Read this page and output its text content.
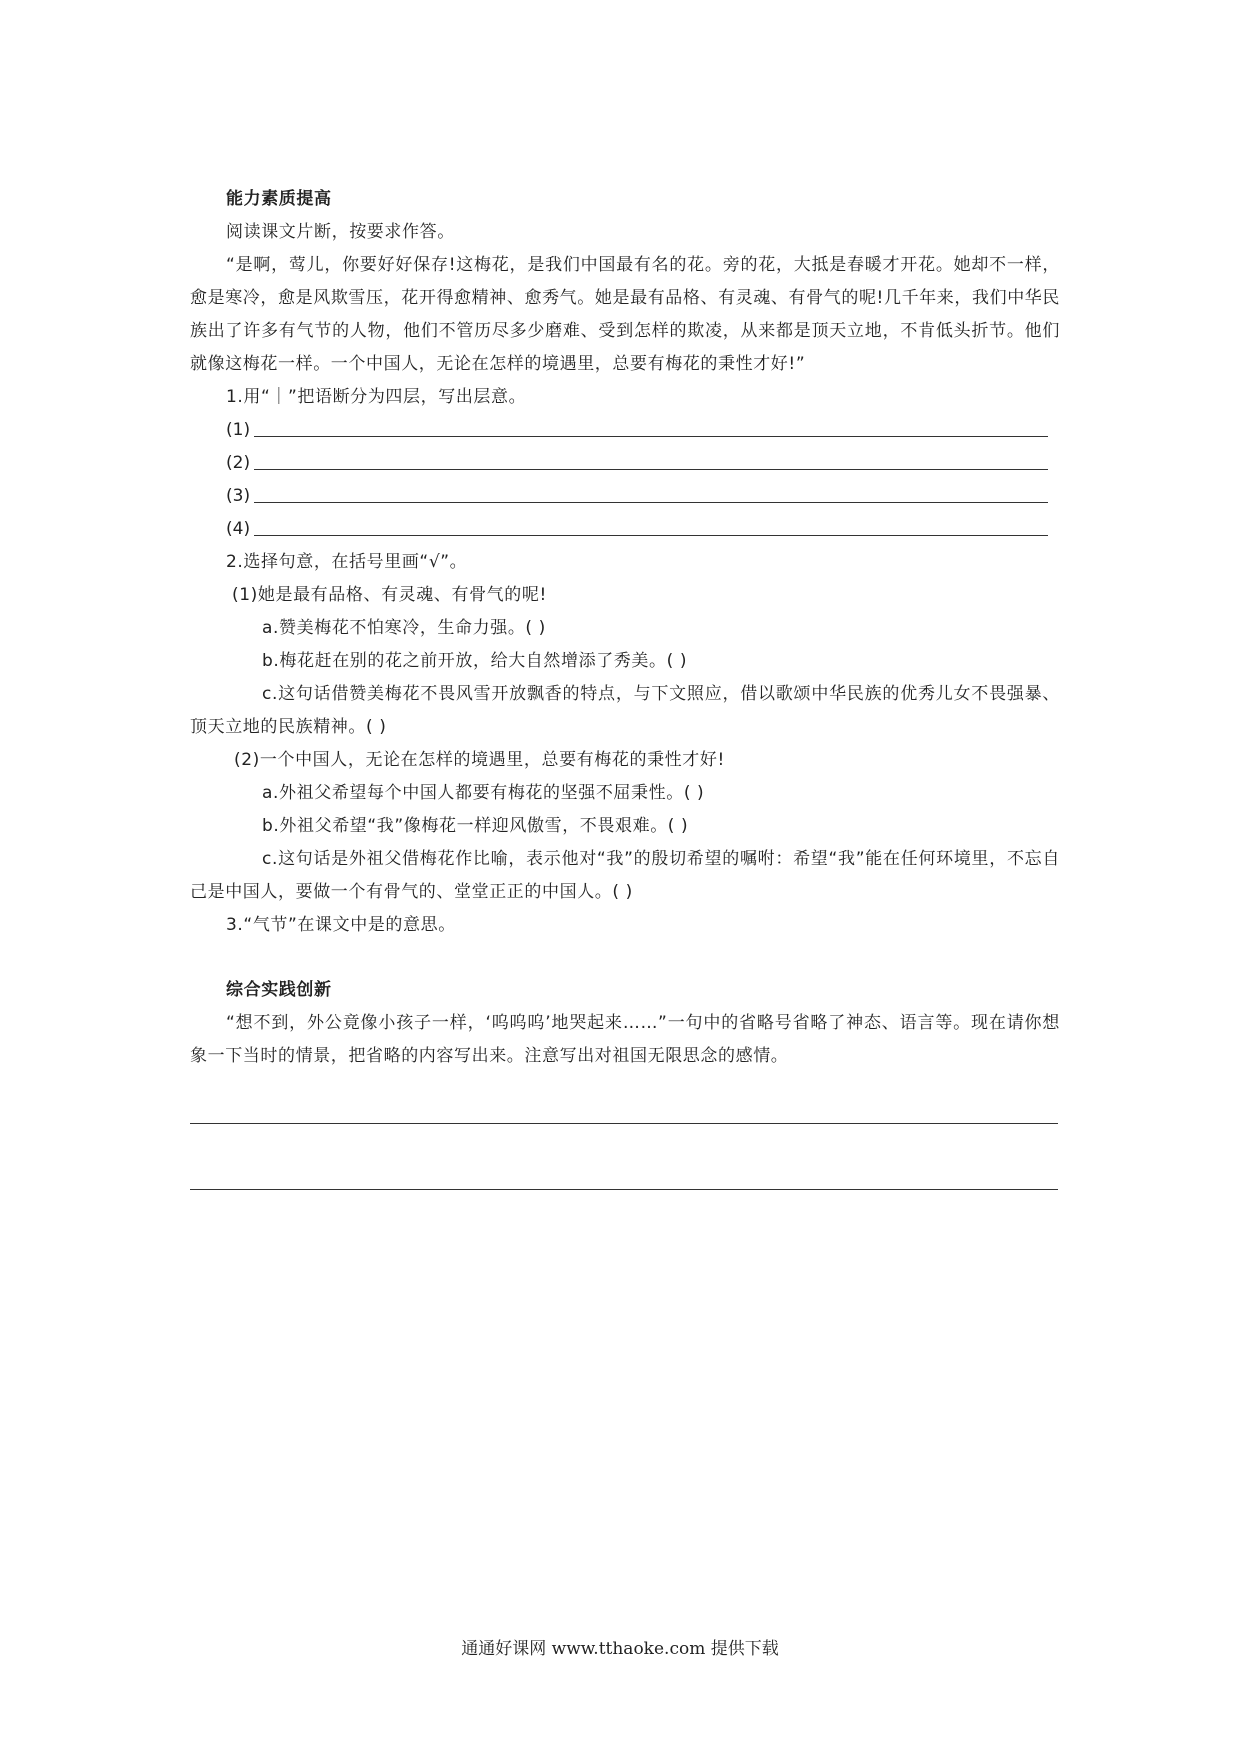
能力素质提高
阅读课文片断，按要求作答。
“是啊，莺儿，你要好好保存!这梅花，是我们中国最有名的花。旁的花，大抵是春暖才开花。她却不一样，愈是寒冷，愈是风欺雪压，花开得愈精神、愈秀气。她是最有品格、有灵魂、有骨气的呢!几千年来，我们中华民族出了许多有气节的人物，他们不管历尽多少磨难、受到怎样的欺凌，从来都是顶天立地，不肯低头折节。他们就像这梅花一样。一个中国人，无论在怎样的境遇里，总要有梅花的秉性才好!”
1.用“｜”把语断分为四层，写出层意。
(1)
(2)
(3)
(4)
2.选择句意，在括号里画“√”。
(1)她是最有品格、有灵魂、有骨气的呢!
a.赞美梅花不怕寒冷，生命力强。( )
b.梅花赶在别的花之前开放，给大自然增添了秀美。( )
c.这句话借赞美梅花不畏风雪开放飘香的特点，与下文照应，借以歌颂中华民族的优秀儿女不畏强暴、顶天立地的民族精神。( )
(2)一个中国人，无论在怎样的境遇里，总要有梅花的秉性才好!
a.外祖父希望每个中国人都要有梅花的坚强不屈秉性。( )
b.外祖父希望“我”像梅花一样迎风傲雪，不畏艰难。( )
c.这句话是外祖父借梅花作比喻，表示他对“我”的殷切希望的嘱咐：希望“我”能在任何环境里，不忘自己是中国人，要做一个有骨气的、堂堂正正的中国人。( )
3.“气节”在课文中是的意思。
综合实践创新
“想不到，外公竟像小孩子一样，‘呜呜呜’地哭起来……”一句中的省略号省略了神态、语言等。现在请你想象一下当时的情景，把省略的内容写出来。注意写出对祖国无限思念的感情。
通通好课网 www.tthaoke.com 提供下载
